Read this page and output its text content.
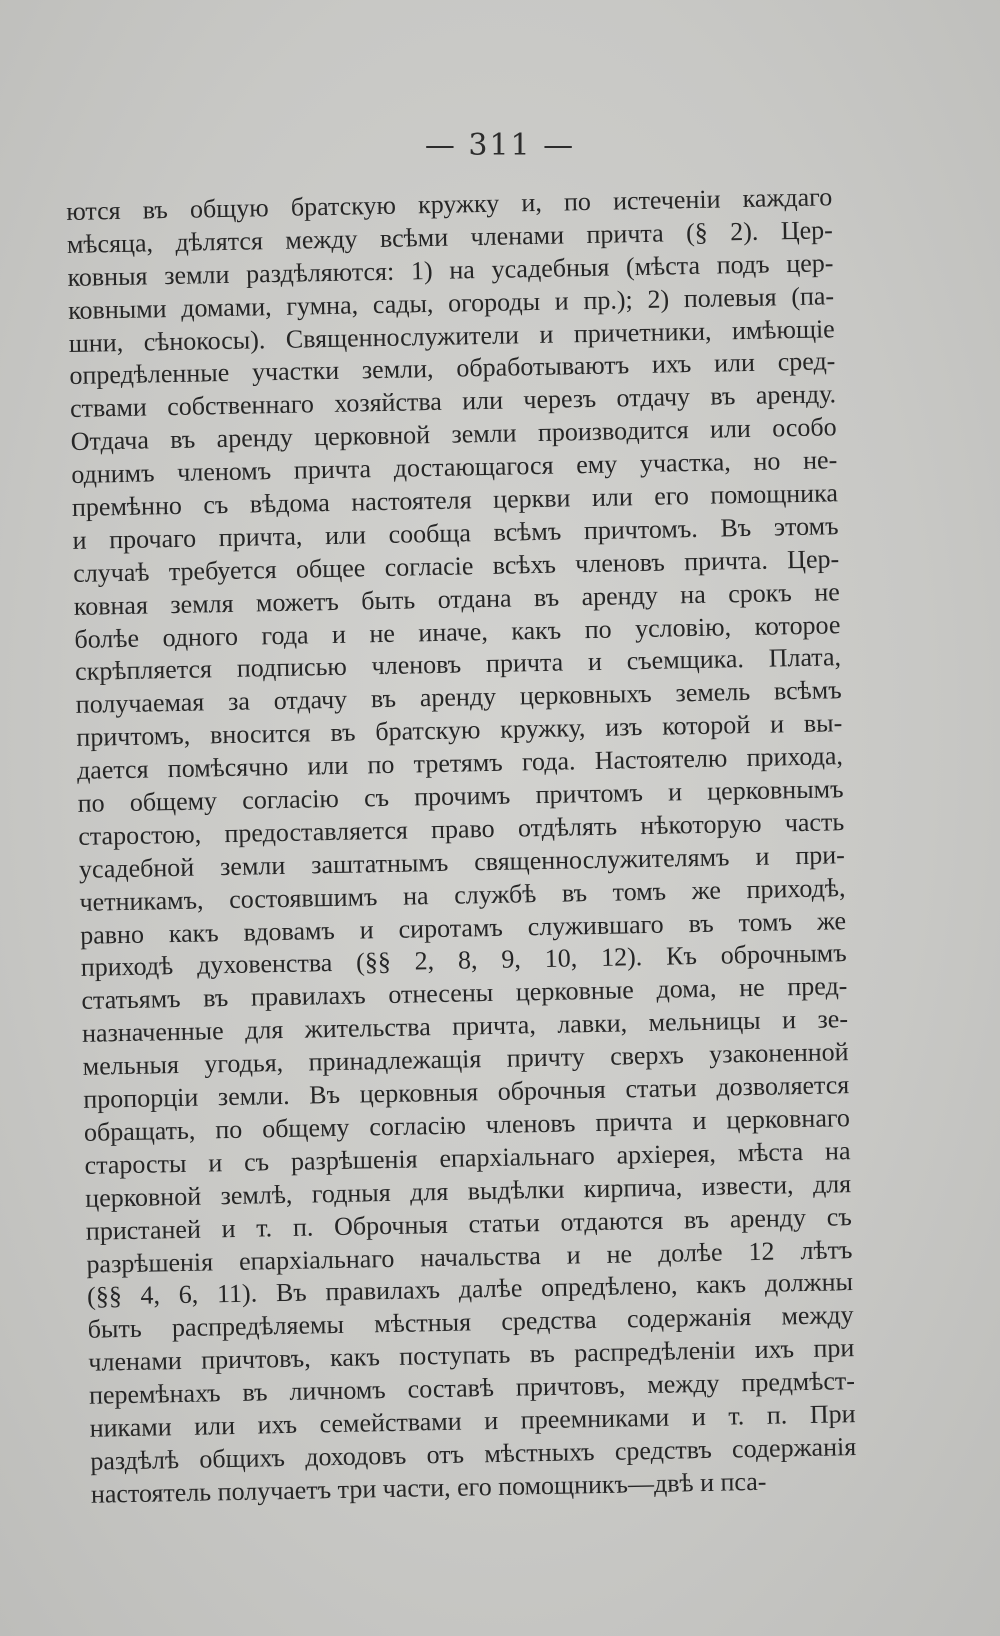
— 311 —
ются въ общую братскую кружку и, по истеченіи каждаго
мѣсяца, дѣлятся между всѣми членами причта (§ 2). Цер-
ковныя земли раздѣляются: 1) на усадебныя (мѣста подъ цер-
ковными домами, гумна, сады, огороды и пр.); 2) полевыя (па-
шни, сѣнокосы). Священнослужители и причетники, имѣющіе
опредѣленные участки земли, обработываютъ ихъ или сред-
ствами собственнаго хозяйства или черезъ отдачу въ аренду.
Отдача въ аренду церковной земли производится или особо
однимъ членомъ причта достающагося ему участка, но не-
премѣнно съ вѣдома настоятеля церкви или его помощника
и прочаго причта, или сообща всѣмъ причтомъ. Въ этомъ
случаѣ требуется общее согласіе всѣхъ членовъ причта. Цер-
ковная земля можетъ быть отдана въ аренду на срокъ не
болѣе одного года и не иначе, какъ по условію, которое
скрѣпляется подписью членовъ причта и съемщика. Плата,
получаемая за отдачу въ аренду церковныхъ земель всѣмъ
причтомъ, вносится въ братскую кружку, изъ которой и вы-
дается помѣсячно или по третямъ года. Настоятелю прихода,
по общему согласію съ прочимъ причтомъ и церковнымъ
старостою, предоставляется право отдѣлять нѣкоторую часть
усадебной земли заштатнымъ священнослужителямъ и при-
четникамъ, состоявшимъ на службѣ въ томъ же приходѣ,
равно какъ вдовамъ и сиротамъ служившаго въ томъ же
приходѣ духовенства (§§ 2, 8, 9, 10, 12). Къ оброчнымъ
статьямъ въ правилахъ отнесены церковные дома, не пред-
назначенные для жительства причта, лавки, мельницы и зе-
мельныя угодья, принадлежащія причту сверхъ узаконенной
пропорціи земли. Въ церковныя оброчныя статьи дозволяется
обращать, по общему согласію членовъ причта и церковнаго
старосты и съ разрѣшенія епархіальнаго архіерея, мѣста на
церковной землѣ, годныя для выдѣлки кирпича, извести, для
пристаней и т. п. Оброчныя статьи отдаются въ аренду съ
разрѣшенія епархіальнаго начальства и не долѣе 12 лѣтъ
(§§ 4, 6, 11). Въ правилахъ далѣе опредѣлено, какъ должны
быть распредѣляемы мѣстныя средства содержанія между
членами причтовъ, какъ поступать въ распредѣленіи ихъ при
перемѣнахъ въ личномъ составѣ причтовъ, между предмѣст-
никами или ихъ семействами и преемниками и т. п. При
раздѣлѣ общихъ доходовъ отъ мѣстныхъ средствъ содержанія
настоятель получаетъ три части, его помощникъ—двѣ и пса-
